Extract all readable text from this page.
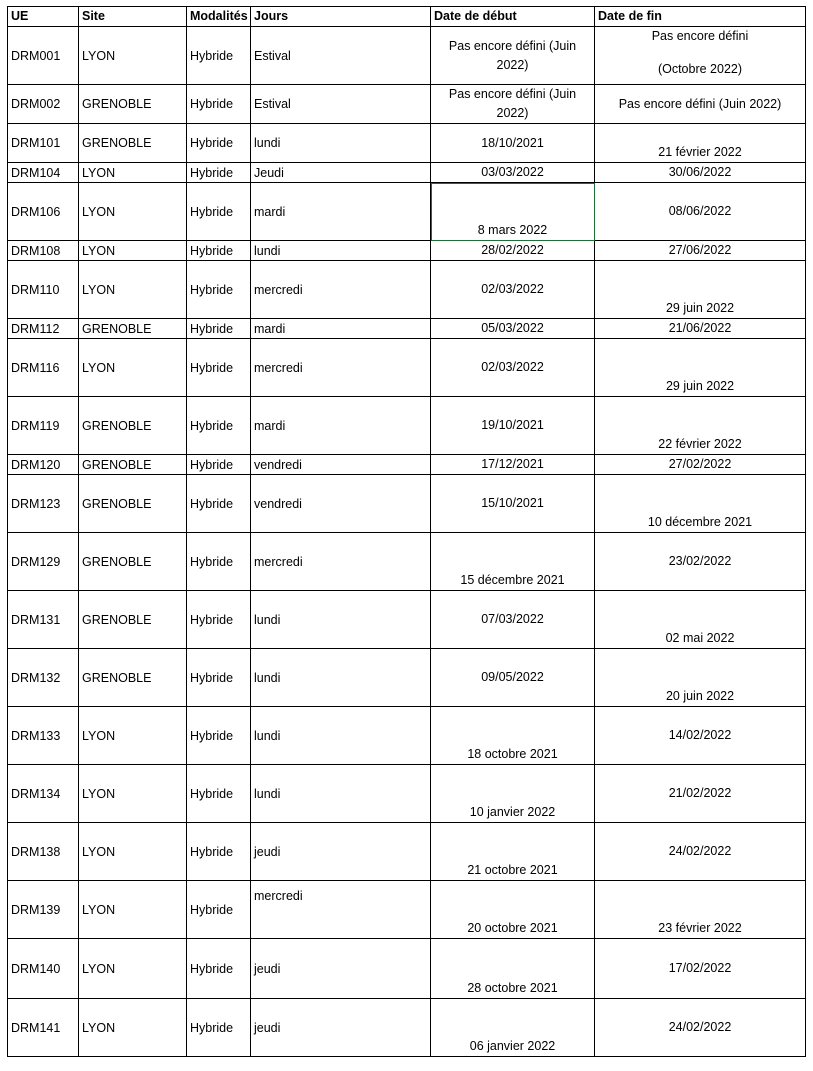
UE	Site	Modalités	Jours	Date de début	Date de fin
DRM001	LYON	Hybride	Estival	Pas encore défini (Juin 2022)	Pas encore défini
(Octobre 2022)

DRM002	GRENOBLE	Hybride	Estival	Pas encore défini (Juin 2022)	Pas encore défini (Juin 2022)
DRM101	GRENOBLE	Hybride	lundi	18/10/2021	21 février 2022
DRM104	LYON	Hybride	Jeudi	03/03/2022	30/06/2022
DRM106	LYON	Hybride	mardi	8 mars 2022	08/06/2022
DRM108	LYON	Hybride	lundi	28/02/2022	27/06/2022
DRM110	LYON	Hybride	mercredi	02/03/2022	29 juin 2022
DRM112	GRENOBLE	Hybride	mardi	05/03/2022	21/06/2022
DRM116	LYON	Hybride	mercredi	02/03/2022	29 juin 2022
DRM119	GRENOBLE	Hybride	mardi	19/10/2021	22 février 2022
DRM120	GRENOBLE	Hybride	vendredi	17/12/2021	27/02/2022
DRM123	GRENOBLE	Hybride	vendredi	15/10/2021	10 décembre 2021
DRM129	GRENOBLE	Hybride	mercredi	15 décembre 2021	23/02/2022
DRM131	GRENOBLE	Hybride	lundi	07/03/2022	02 mai 2022
DRM132	GRENOBLE	Hybride	lundi	09/05/2022	20 juin 2022
DRM133	LYON	Hybride	lundi	18 octobre 2021	14/02/2022
DRM134	LYON	Hybride	lundi	10 janvier 2022	21/02/2022
DRM138	LYON	Hybride	jeudi	21 octobre 2021	24/02/2022
DRM139	LYON	Hybride	mercredi	20 octobre 2021	23 février 2022
DRM140	LYON	Hybride	jeudi	28 octobre 2021	17/02/2022
DRM141	LYON	Hybride	jeudi	06 janvier 2022	24/02/2022
